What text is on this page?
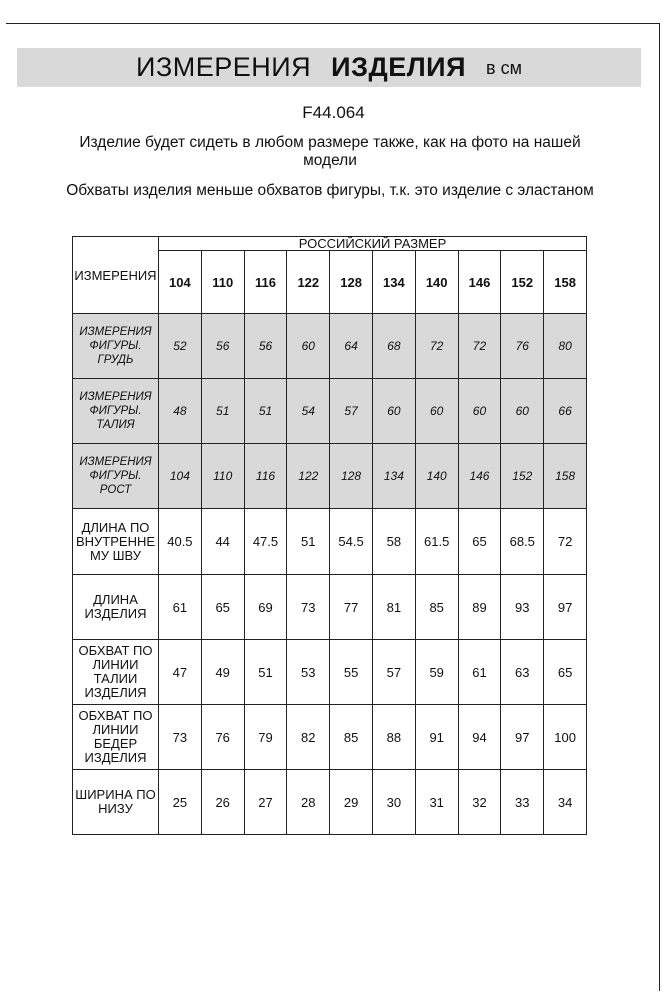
ИЗМЕРЕНИЯ ИЗДЕЛИЯ в см
F44.064
Изделие будет сидеть в любом размере также, как на фото на нашей модели
Обхваты изделия меньше обхватов фигуры, т.к. это изделие с эластаном
ИЗМЕРЕНИЯ	РОССИЙСКИЙ РАЗМЕР									
	104	110	116	122	128	134	140	146	152	158
ИЗМЕРЕНИЯ ФИГУРЫ. ГРУДЬ	52	56	56	60	64	68	72	72	76	80
ИЗМЕРЕНИЯ ФИГУРЫ. ТАЛИЯ	48	51	51	54	57	60	60	60	60	66
ИЗМЕРЕНИЯ ФИГУРЫ. РОСТ	104	110	116	122	128	134	140	146	152	158
ДЛИНА ПО ВНУТРЕННЕ МУ ШВУ	40.5	44	47.5	51	54.5	58	61.5	65	68.5	72
ДЛИНА ИЗДЕЛИЯ	61	65	69	73	77	81	85	89	93	97
ОБХВАТ ПО ЛИНИИ ТАЛИИ ИЗДЕЛИЯ	47	49	51	53	55	57	59	61	63	65
ОБХВАТ ПО ЛИНИИ БЕДЕР ИЗДЕЛИЯ	73	76	79	82	85	88	91	94	97	100
ШИРИНА ПО НИЗУ	25	26	27	28	29	30	31	32	33	34
